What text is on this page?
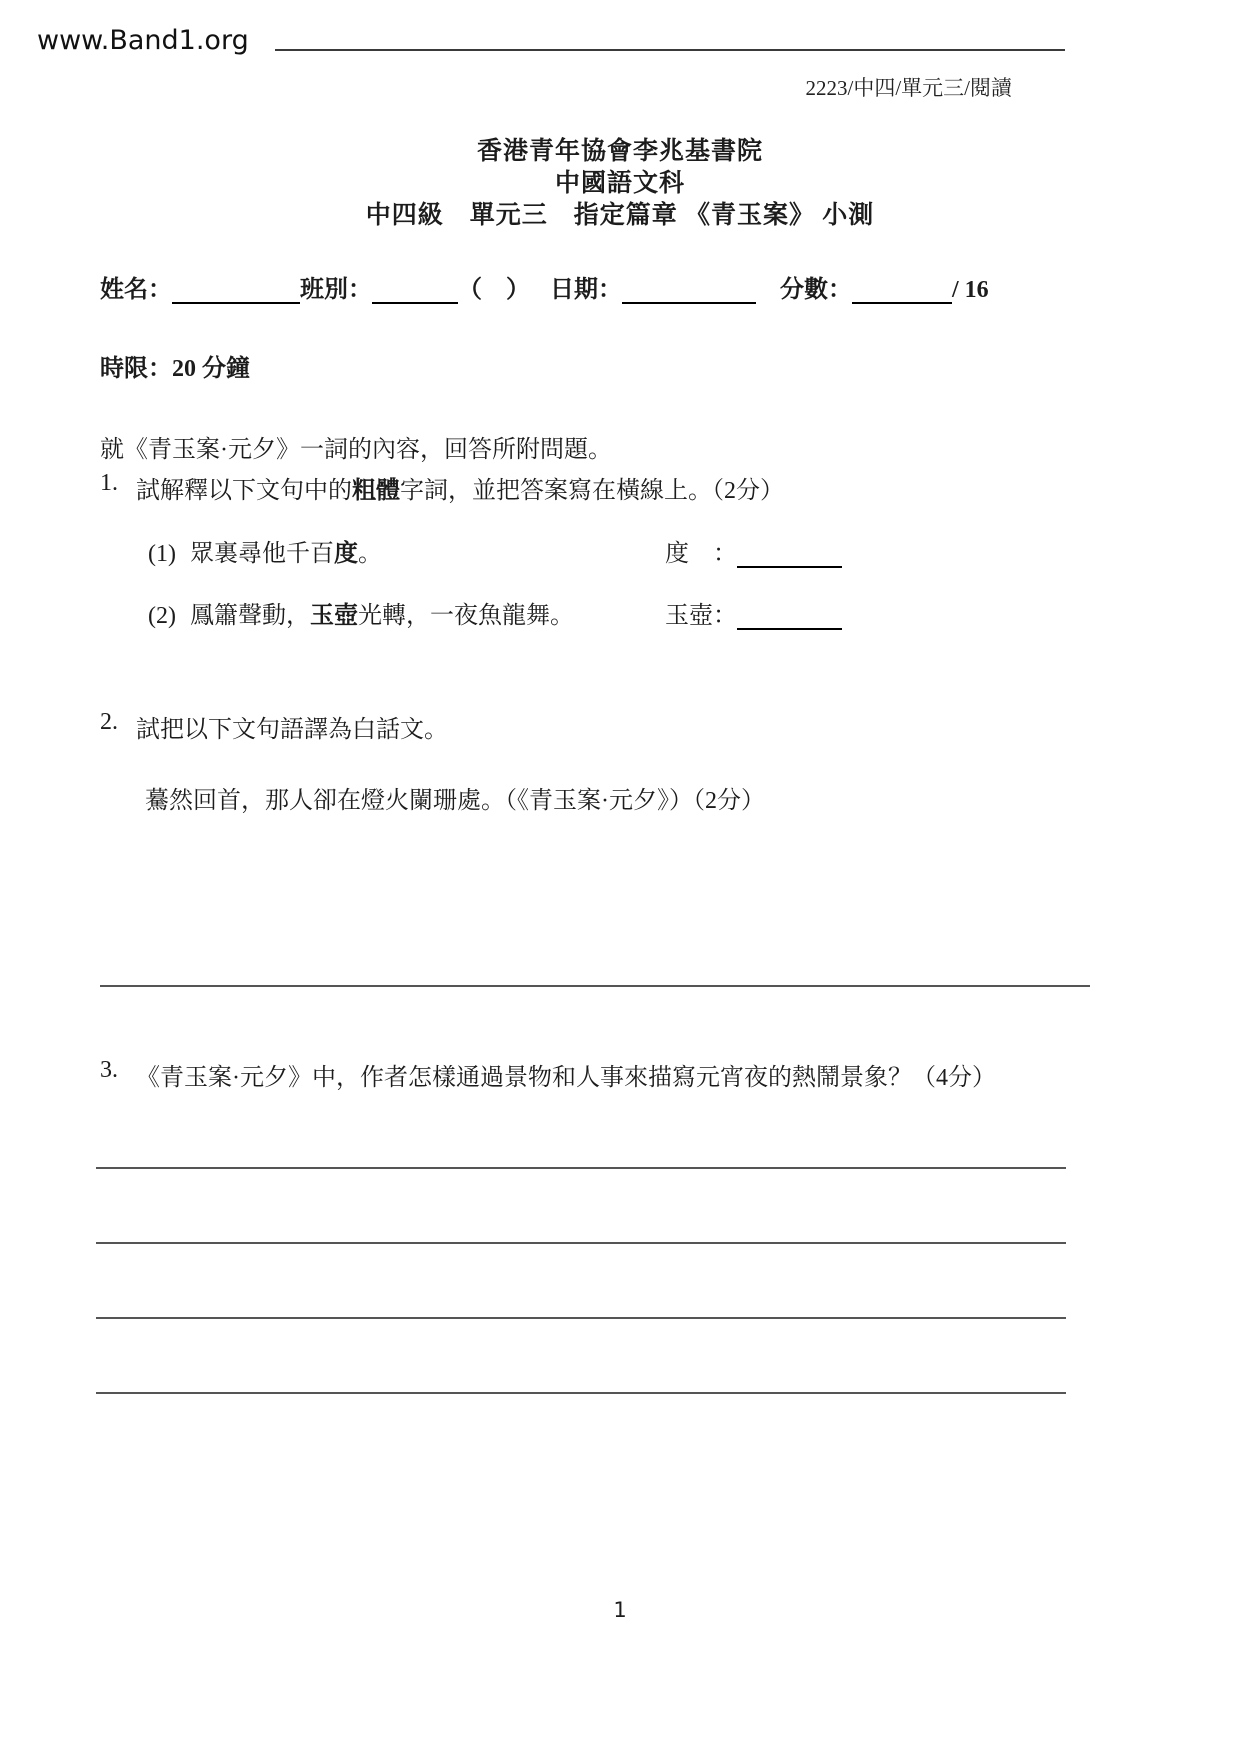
www.Band1.org
2223/中四/單元三/閱讀
香港青年協會李兆基書院
中國語文科
中四級　單元三　指定篇章 《青玉案》 小測
姓名：	班別：	（　） 日期：	分數：	/ 16
時限：20 分鐘
就《青玉案·元夕》一詞的內容，回答所附問題。
1. 試解釋以下文句中的粗體字詞，並把答案寫在橫線上。（2分）
(1) 眾裏尋他千百度。	度　：
(2) 鳳簫聲動，玉壺光轉，一夜魚龍舞。	玉壺：
2. 試把以下文句語譯為白話文。
驀然回首，那人卻在燈火闌珊處。（《青玉案·元夕》）（2分）
3. 《青玉案·元夕》中，作者怎樣通過景物和人事來描寫元宵夜的熱鬧景象？（4分）
1
